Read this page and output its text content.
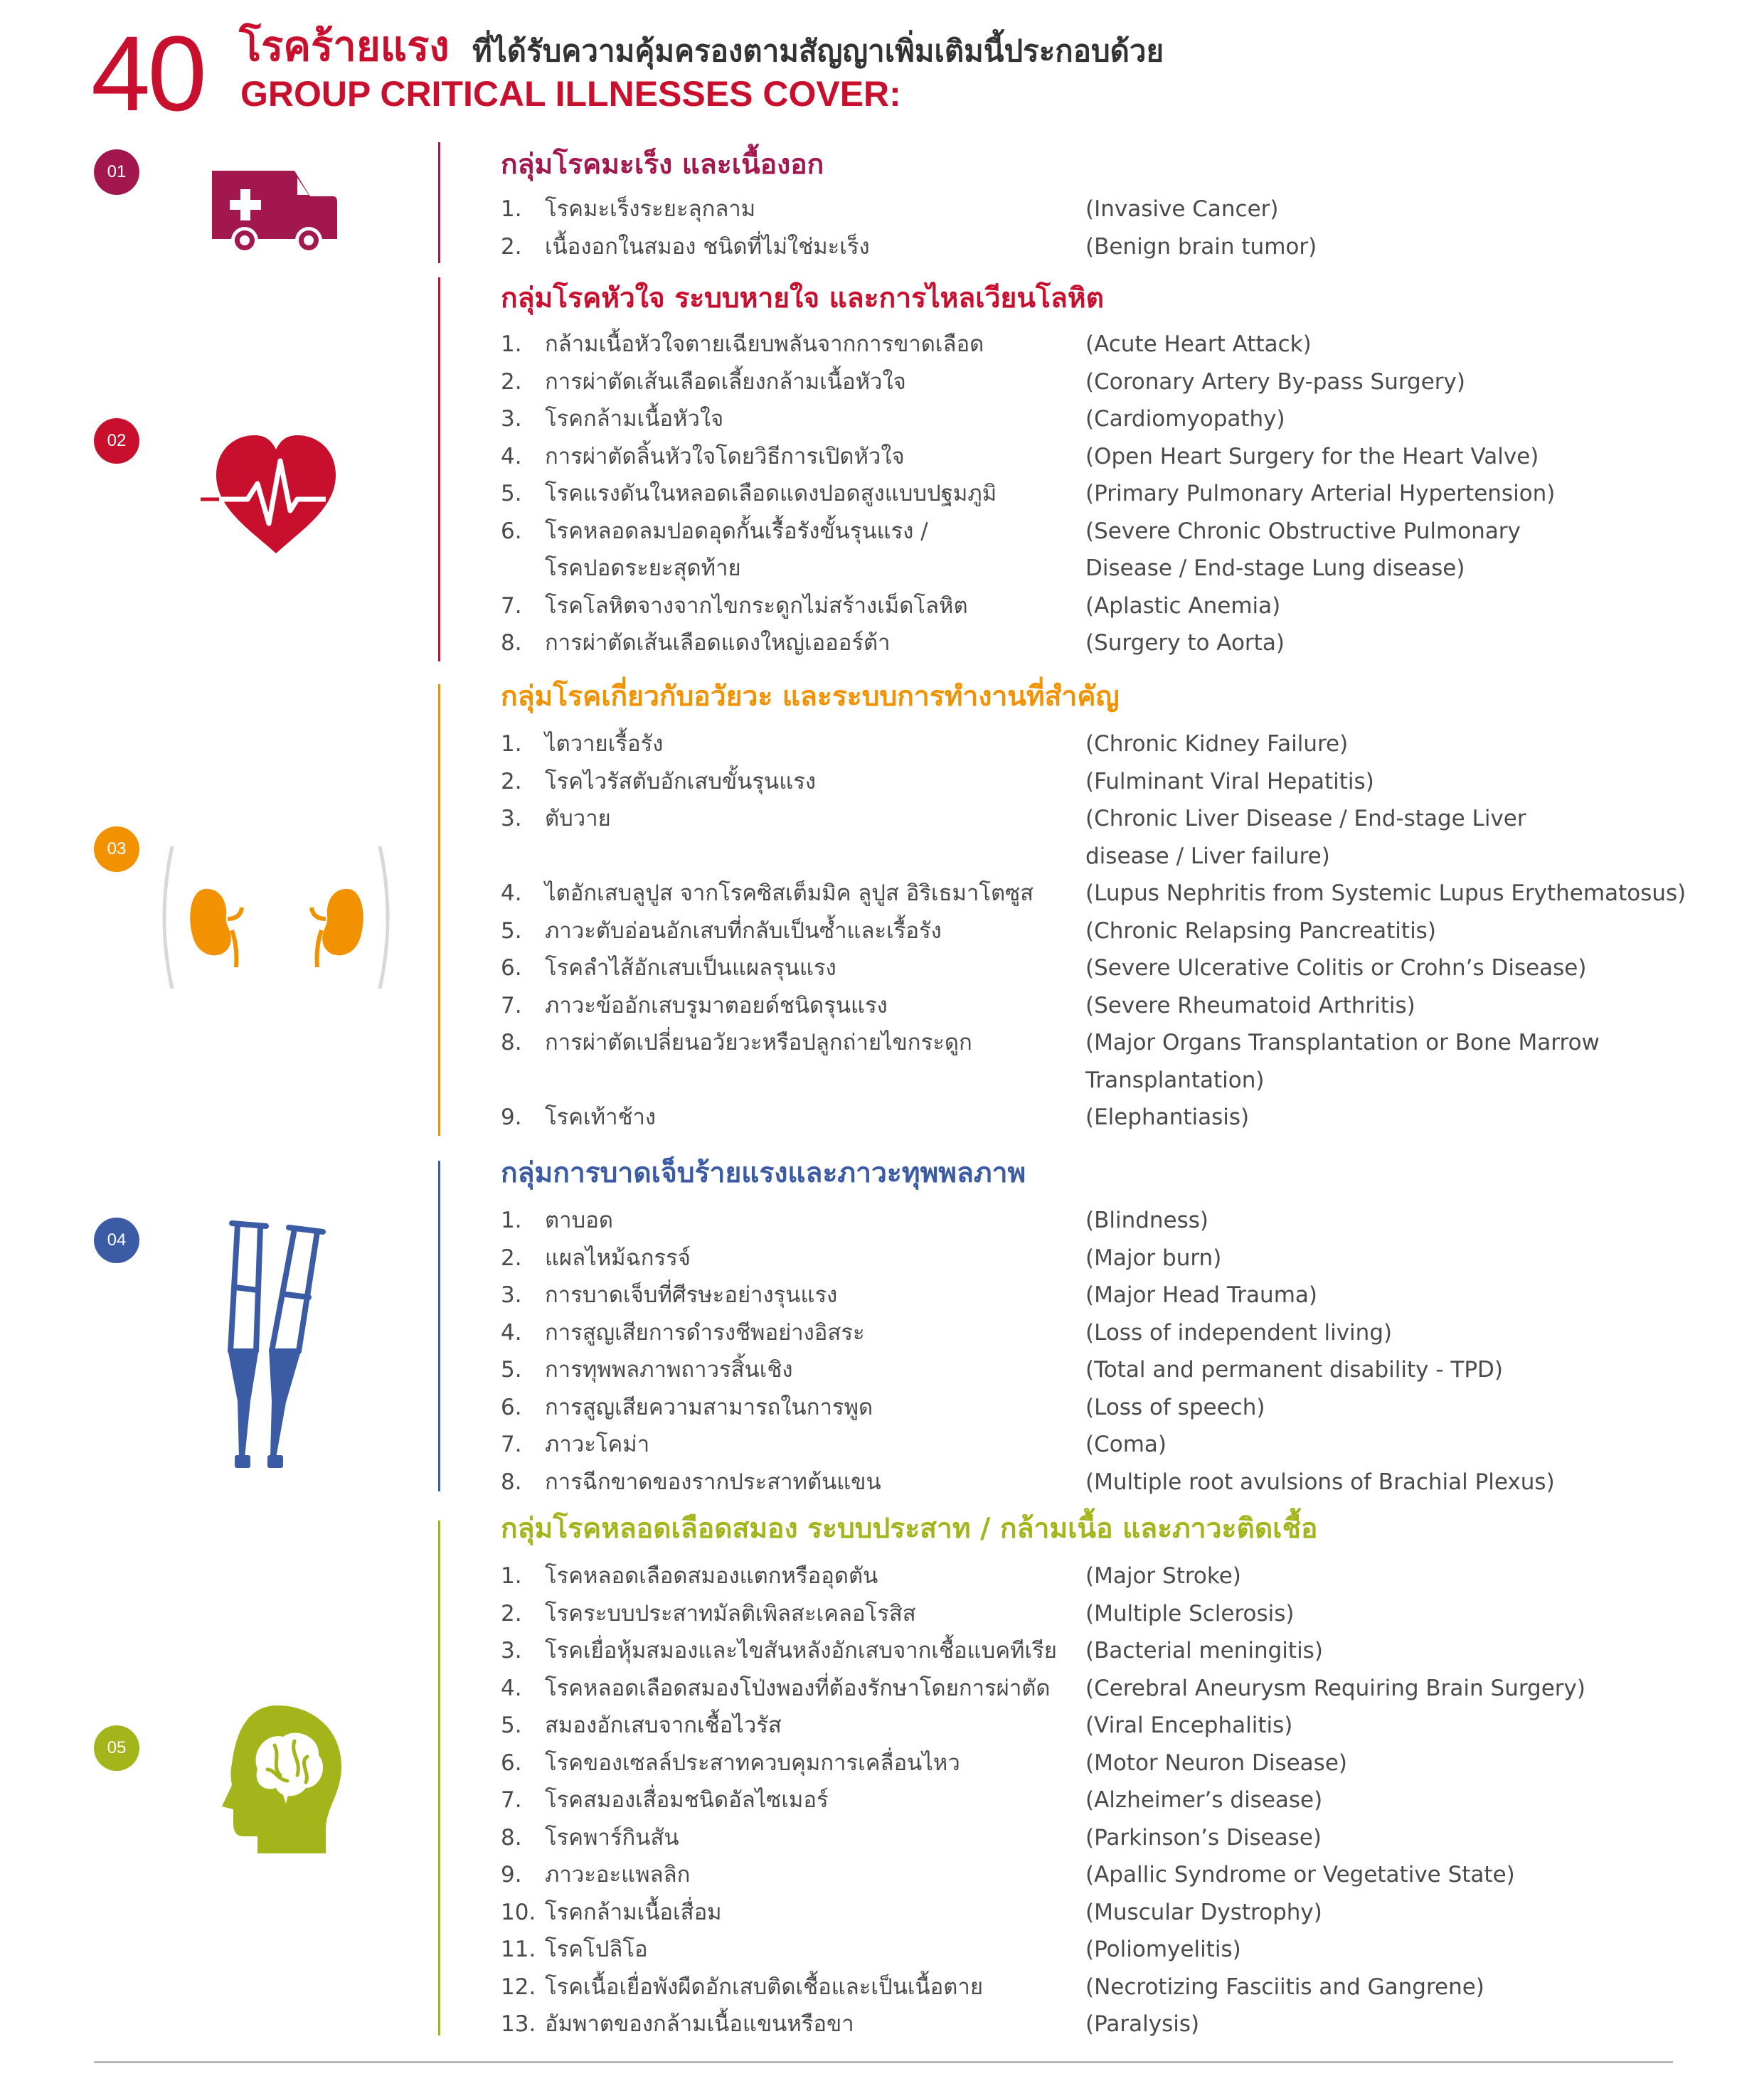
40 โรคร้ายแรง ที่ได้รับความคุ้มครองตามสัญญาเพิ่มเติมนี้ประกอบด้วย
GROUP CRITICAL ILLNESSES COVER:
01	กลุ่มโรคมะเร็ง และเนื้องอก
1.	โรคมะเร็งระยะลุกลาม	(Invasive Cancer)
2.	เนื้องอกในสมอง ชนิดที่ไม่ใช่มะเร็ง	(Benign brain tumor)
02
กลุ่มโรคหัวใจ ระบบหายใจ และการไหลเวียนโลหิต
1.	กล้ามเนื้อหัวใจตายเฉียบพลันจากการขาดเลือด	(Acute Heart Attack)
2.	การผ่าตัดเส้นเลือดเลี้ยงกล้ามเนื้อหัวใจ	(Coronary Artery By-pass Surgery)
3.	โรคกล้ามเนื้อหัวใจ	(Cardiomyopathy)
4.	การผ่าตัดลิ้นหัวใจโดยวิธีการเปิดหัวใจ	(Open Heart Surgery for the Heart Valve)
5.	โรคแรงดันในหลอดเลือดแดงปอดสูงแบบปฐมภูมิ	(Primary Pulmonary Arterial Hypertension)
6.	โรคหลอดลมปอดอุดกั้นเรื้อรังขั้นรุนแรง /	(Severe Chronic Obstructive Pulmonary
โรคปอดระยะสุดท้าย	Disease / End-stage Lung disease)
7.	โรคโลหิตจางจากไขกระดูกไม่สร้างเม็ดโลหิต	(Aplastic Anemia)
8.	การผ่าตัดเส้นเลือดแดงใหญ่เอออร์ต้า	(Surgery to Aorta)
03
กลุ่มโรคเกี่ยวกับอวัยวะ และระบบการทำงานที่สำคัญ
1.	ไตวายเรื้อรัง	(Chronic Kidney Failure)
2.	โรคไวรัสตับอักเสบขั้นรุนแรง	(Fulminant Viral Hepatitis)
3.	ตับวาย	(Chronic Liver Disease / End-stage Liver
disease / Liver failure)
4.	ไตอักเสบลูปูส จากโรคซิสเต็มมิค ลูปูส อิริเธมาโตซูส (Lupus Nephritis from Systemic Lupus Erythematosus)
5.	ภาวะตับอ่อนอักเสบที่กลับเป็นซ้ำและเรื้อรัง	(Chronic Relapsing Pancreatitis)
6.	โรคลำไส้อักเสบเป็นแผลรุนแรง	(Severe Ulcerative Colitis or Crohn’s Disease)
7.	ภาวะข้ออักเสบรูมาตอยด์ชนิดรุนแรง	(Severe Rheumatoid Arthritis)
8.	การผ่าตัดเปลี่ยนอวัยวะหรือปลูกถ่ายไขกระดูก	(Major Organs Transplantation or Bone Marrow
Transplantation)
9.	โรคเท้าช้าง	(Elephantiasis)
04
กลุ่มการบาดเจ็บร้ายแรงและภาวะทุพพลภาพ
1.	ตาบอด	(Blindness)
2.	แผลไหม้ฉกรรจ์	(Major burn)
3.	การบาดเจ็บที่ศีรษะอย่างรุนแรง	(Major Head Trauma)
4.	การสูญเสียการดำรงชีพอย่างอิสระ	(Loss of independent living)
5.	การทุพพลภาพถาวรสิ้นเชิง	(Total and permanent disability - TPD)
6.	การสูญเสียความสามารถในการพูด	(Loss of speech)
7.	ภาวะโคม่า	(Coma)
8.	การฉีกขาดของรากประสาทต้นแขน	(Multiple root avulsions of Brachial Plexus)
05
กลุ่มโรคหลอดเลือดสมอง ระบบประสาท / กล้ามเนื้อ และภาวะติดเชื้อ
1.	โรคหลอดเลือดสมองแตกหรืออุดตัน	(Major Stroke)
2.	โรคระบบประสาทมัลติเพิลสะเคลอโรสิส	(Multiple Sclerosis)
3.	โรคเยื่อหุ้มสมองและไขสันหลังอักเสบจากเชื้อแบคทีเรีย (Bacterial meningitis)
4.	โรคหลอดเลือดสมองโป่งพองที่ต้องรักษาโดยการผ่าตัด (Cerebral Aneurysm Requiring Brain Surgery)
5.	สมองอักเสบจากเชื้อไวรัส	(Viral Encephalitis)
6.	โรคของเซลล์ประสาทควบคุมการเคลื่อนไหว	(Motor Neuron Disease)
7.	โรคสมองเสื่อมชนิดอัลไซเมอร์	(Alzheimer’s disease)
8.	โรคพาร์กินสัน	(Parkinson’s Disease)
9.	ภาวะอะแพลลิก	(Apallic Syndrome or Vegetative State)
10. โรคกล้ามเนื้อเสื่อม	(Muscular Dystrophy)
11. โรคโปลิโอ	(Poliomyelitis)
12. โรคเนื้อเยื่อพังผืดอักเสบติดเชื้อและเป็นเนื้อตาย	(Necrotizing Fasciitis and Gangrene)
13. อัมพาตของกล้ามเนื้อแขนหรือขา	(Paralysis)
